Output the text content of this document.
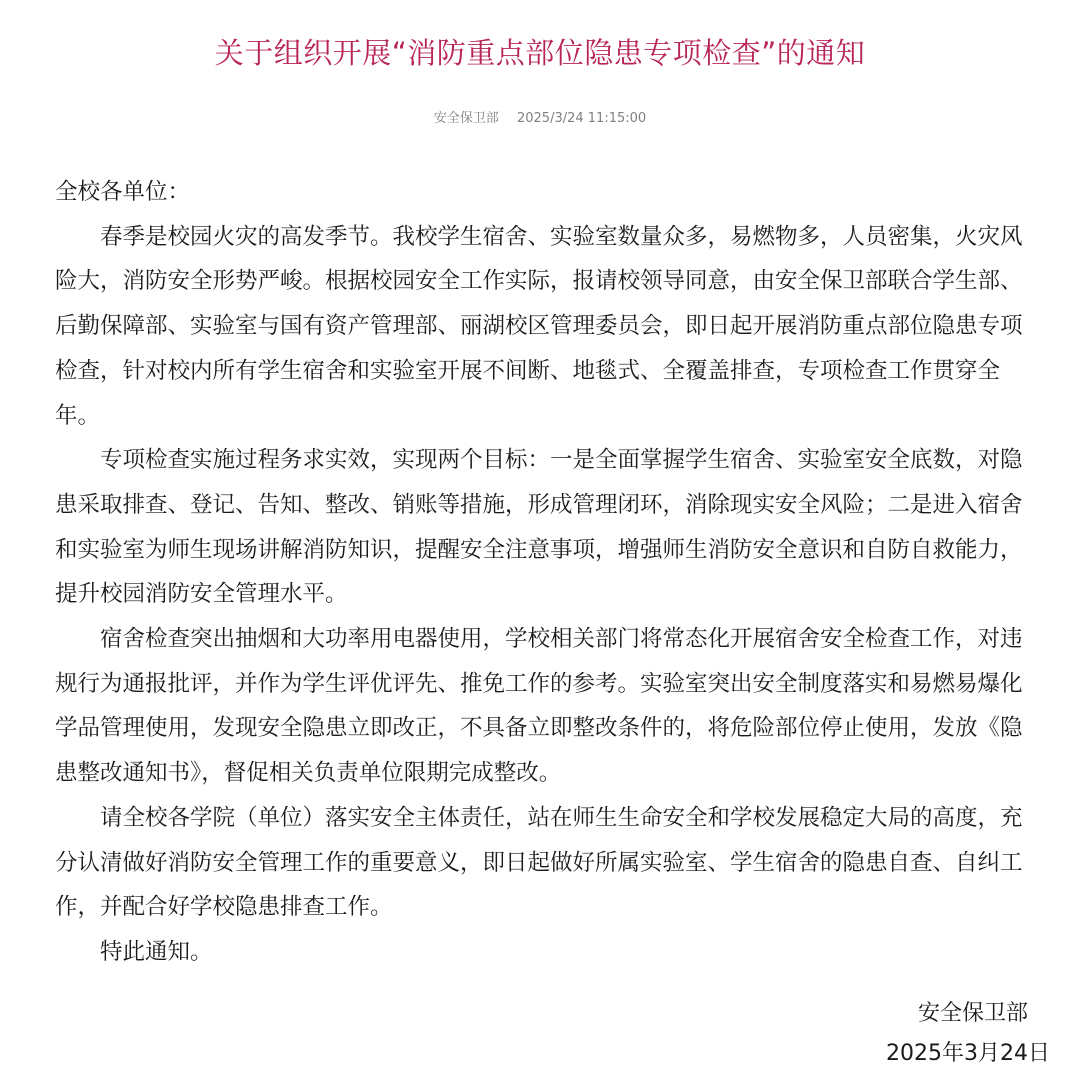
关于组织开展“消防重点部位隐患专项检查”的通知
安全保卫部 2025/3/24 11:15:00

全校各单位：

春季是校园火灾的高发季节。我校学生宿舍、实验室数量众多，易燃物多，人员密集，火灾风险大，消防安全形势严峻。根据校园安全工作实际，报请校领导同意，由安全保卫部联合学生部、后勤保障部、实验室与国有资产管理部、丽湖校区管理委员会，即日起开展消防重点部位隐患专项检查，针对校内所有学生宿舍和实验室开展不间断、地毯式、全覆盖排查，专项检查工作贯穿全年。

专项检查实施过程务求实效，实现两个目标：一是全面掌握学生宿舍、实验室安全底数，对隐患采取排查、登记、告知、整改、销账等措施，形成管理闭环，消除现实安全风险；二是进入宿舍和实验室为师生现场讲解消防知识，提醒安全注意事项，增强师生消防安全意识和自防自救能力，提升校园消防安全管理水平。

宿舍检查突出抽烟和大功率用电器使用，学校相关部门将常态化开展宿舍安全检查工作，对违规行为通报批评，并作为学生评优评先、推免工作的参考。实验室突出安全制度落实和易燃易爆化学品管理使用，发现安全隐患立即改正，不具备立即整改条件的，将危险部位停止使用，发放《隐患整改通知书》，督促相关负责单位限期完成整改。

请全校各学院（单位）落实安全主体责任，站在师生生命安全和学校发展稳定大局的高度，充分认清做好消防安全管理工作的重要意义，即日起做好所属实验室、学生宿舍的隐患自查、自纠工作，并配合好学校隐患排查工作。

特此通知。

安全保卫部
2025年3月24日
